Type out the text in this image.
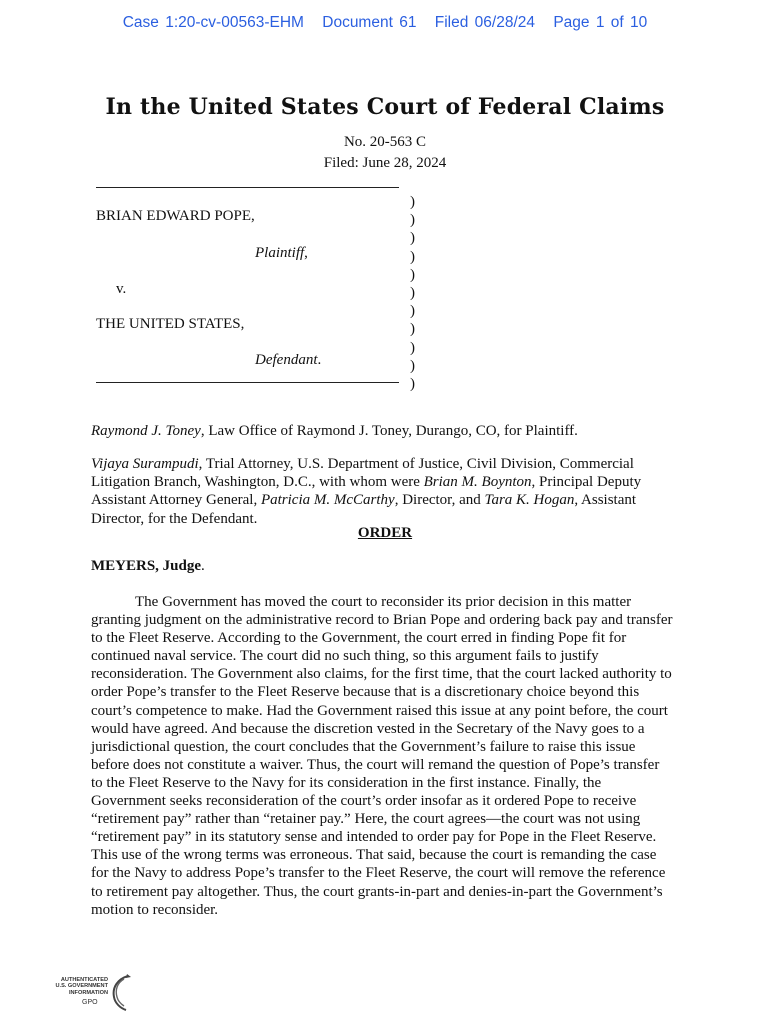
Case 1:20-cv-00563-EHM Document 61 Filed 06/28/24 Page 1 of 10
In the United States Court of Federal Claims
No. 20-563 C
Filed: June 28, 2024
BRIAN EDWARD POPE,
Plaintiff,
v.
THE UNITED STATES,
Defendant.
)
)
)
)
)
)
)
)
)
)
)
Raymond J. Toney, Law Office of Raymond J. Toney, Durango, CO, for Plaintiff.
Vijaya Surampudi, Trial Attorney, U.S. Department of Justice, Civil Division, Commercial
Litigation Branch, Washington, D.C., with whom were Brian M. Boynton, Principal Deputy
Assistant Attorney General, Patricia M. McCarthy, Director, and Tara K. Hogan, Assistant
Director, for the Defendant.
ORDER
MEYERS, Judge.
The Government has moved the court to reconsider its prior decision in this matter
granting judgment on the administrative record to Brian Pope and ordering back pay and transfer
to the Fleet Reserve. According to the Government, the court erred in finding Pope fit for
continued naval service. The court did no such thing, so this argument fails to justify
reconsideration. The Government also claims, for the first time, that the court lacked authority to
order Pope’s transfer to the Fleet Reserve because that is a discretionary choice beyond this
court’s competence to make. Had the Government raised this issue at any point before, the court
would have agreed. And because the discretion vested in the Secretary of the Navy goes to a
jurisdictional question, the court concludes that the Government’s failure to raise this issue
before does not constitute a waiver. Thus, the court will remand the question of Pope’s transfer
to the Fleet Reserve to the Navy for its consideration in the first instance. Finally, the
Government seeks reconsideration of the court’s order insofar as it ordered Pope to receive
“retirement pay” rather than “retainer pay.” Here, the court agrees—the court was not using
“retirement pay” in its statutory sense and intended to order pay for Pope in the Fleet Reserve.
This use of the wrong terms was erroneous. That said, because the court is remanding the case
for the Navy to address Pope’s transfer to the Fleet Reserve, the court will remove the reference
to retirement pay altogether. Thus, the court grants-in-part and denies-in-part the Government’s
motion to reconsider.
AUTHENTICATED
U.S. GOVERNMENT
INFORMATION
GPO
